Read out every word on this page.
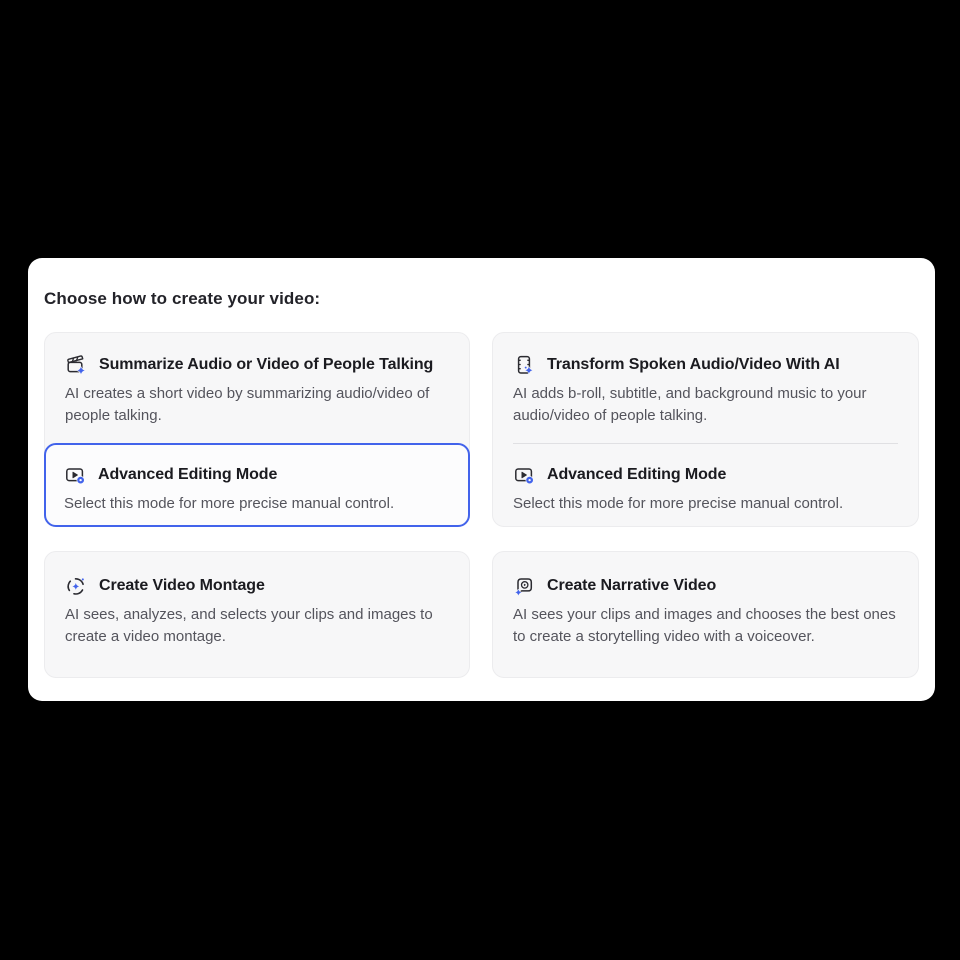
Choose how to create your video:
Summarize Audio or Video of People Talking
AI creates a short video by summarizing audio/video of people talking.
Advanced Editing Mode
Select this mode for more precise manual control.
Transform Spoken Audio/Video With AI
AI adds b-roll, subtitle, and background music to your audio/video of people talking.
Advanced Editing Mode
Select this mode for more precise manual control.
Create Video Montage
AI sees, analyzes, and selects your clips and images to create a video montage.
Create Narrative Video
AI sees your clips and images and chooses the best ones to create a storytelling video with a voiceover.
